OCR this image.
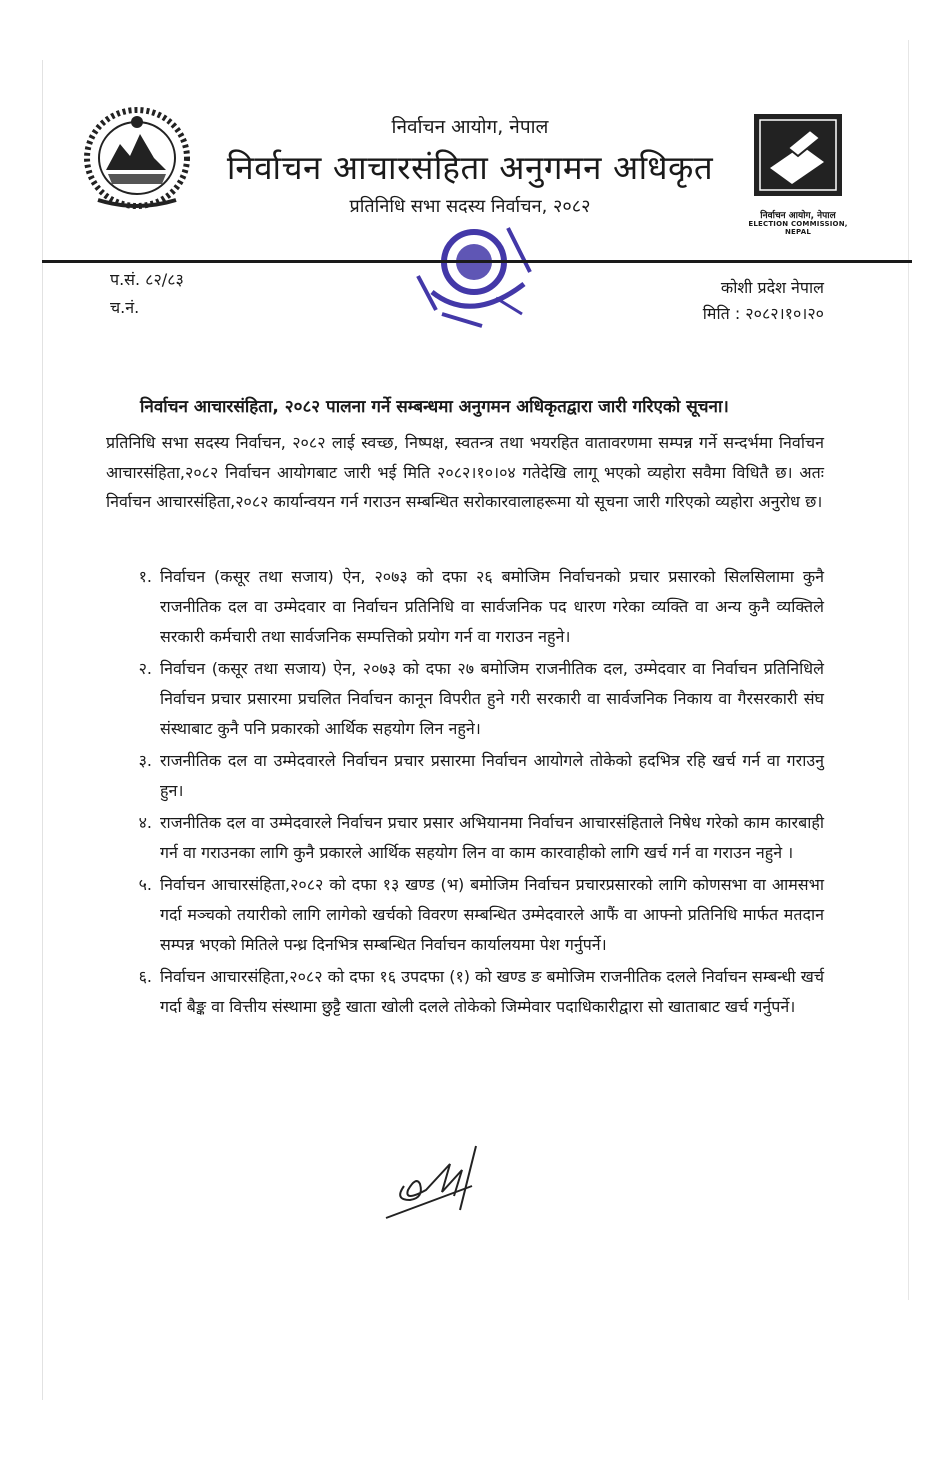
निर्वाचन आयोग, नेपाल
निर्वाचन आचारसंहिता अनुगमन अधिकृत
प्रतिनिधि सभा सदस्य निर्वाचन, २०८२	निर्वाचन आयोग, नेपाल
ELECTION COMMISSION, NEPAL
प.सं. ८२/८३
च.नं.
कोशी प्रदेश नेपाल
मिति : २०८२।१०।२०
निर्वाचन आचारसंहिता, २०८२ पालना गर्ने सम्बन्धमा अनुगमन अधिकृतद्वारा जारी गरिएको सूचना।

प्रतिनिधि सभा सदस्य निर्वाचन, २०८२ लाई स्वच्छ, निष्पक्ष, स्वतन्त्र तथा भयरहित वातावरणमा सम्पन्न गर्ने सन्दर्भमा निर्वाचन आचारसंहिता,२०८२ निर्वाचन आयोगबाट जारी भई मिति २०८२।१०।०४ गतेदेखि लागू भएको व्यहोरा सवैमा विधितै छ। अतः निर्वाचन आचारसंहिता,२०८२ कार्यान्वयन गर्न गराउन सम्बन्धित सरोकारवालाहरूमा यो सूचना जारी गरिएको व्यहोरा अनुरोध छ।

१. निर्वाचन (कसूर तथा सजाय) ऐन, २०७३ को दफा २६ बमोजिम निर्वाचनको प्रचार प्रसारको सिलसिलामा कुनै राजनीतिक दल वा उम्मेदवार वा निर्वाचन प्रतिनिधि वा सार्वजनिक पद धारण गरेका व्यक्ति वा अन्य कुनै व्यक्तिले सरकारी कर्मचारी तथा सार्वजनिक सम्पत्तिको प्रयोग गर्न वा गराउन नहुने।
२. निर्वाचन (कसूर तथा सजाय) ऐन, २०७३ को दफा २७ बमोजिम राजनीतिक दल, उम्मेदवार वा निर्वाचन प्रतिनिधिले निर्वाचन प्रचार प्रसारमा प्रचलित निर्वाचन कानून विपरीत हुने गरी सरकारी वा सार्वजनिक निकाय वा गैरसरकारी संघ संस्थाबाट कुनै पनि प्रकारको आर्थिक सहयोग लिन नहुने।
३. राजनीतिक दल वा उम्मेदवारले निर्वाचन प्रचार प्रसारमा निर्वाचन आयोगले तोकेको हदभित्र रहि खर्च गर्न वा गराउनु हुन।
४. राजनीतिक दल वा उम्मेदवारले निर्वाचन प्रचार प्रसार अभियानमा निर्वाचन आचारसंहिताले निषेध गरेको काम कारबाही गर्न वा गराउनका लागि कुनै प्रकारले आर्थिक सहयोग लिन वा काम कारवाहीको लागि खर्च गर्न वा गराउन नहुने ।
५. निर्वाचन आचारसंहिता,२०८२ को दफा १३ खण्ड (भ) बमोजिम निर्वाचन प्रचारप्रसारको लागि कोणसभा वा आमसभा गर्दा मञ्चको तयारीको लागि लागेको खर्चको विवरण सम्बन्धित उम्मेदवारले आफैं वा आफ्नो प्रतिनिधि मार्फत मतदान सम्पन्न भएको मितिले पन्ध्र दिनभित्र सम्बन्धित निर्वाचन कार्यालयमा पेश गर्नुपर्ने।
६. निर्वाचन आचारसंहिता,२०८२ को दफा १६ उपदफा (१) को खण्ड ङ बमोजिम राजनीतिक दलले निर्वाचन सम्बन्धी खर्च गर्दा बैङ्क वा वित्तीय संस्थामा छुट्टै खाता खोली दलले तोकेको जिम्मेवार पदाधिकारीद्वारा सो खाताबाट खर्च गर्नुपर्ने।
